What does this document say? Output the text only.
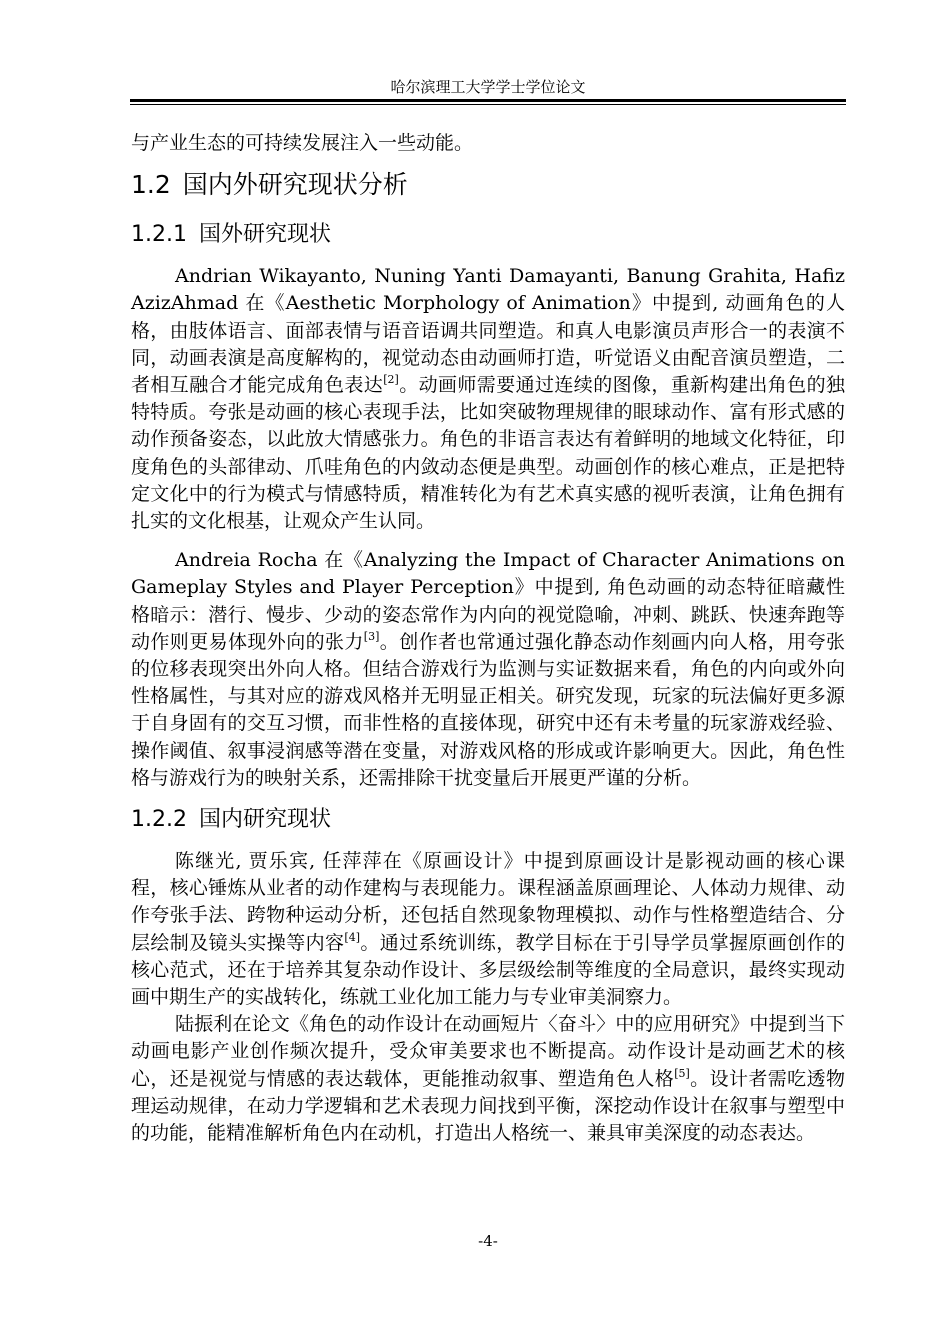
哈尔滨理工大学学士学位论文

与产业生态的可持续发展注入一些动能。

1.2 国内外研究现状分析
1.2.1 国外研究现状

Andrian Wikayanto, Nuning Yanti Damayanti, Banung Grahita, Hafiz AzizAhmad 在《Aesthetic Morphology of Animation》中提到, 动画角色的人格，由肢体语言、面部表情与语音语调共同塑造。和真人电影演员声形合一的表演不同，动画表演是高度解构的，视觉动态由动画师打造，听觉语义由配音演员塑造，二者相互融合才能完成角色表达[2]。动画师需要通过连续的图像，重新构建出角色的独特特质。夸张是动画的核心表现手法，比如突破物理规律的眼球动作、富有形式感的动作预备姿态，以此放大情感张力。角色的非语言表达有着鲜明的地域文化特征，印度角色的头部律动、爪哇角色的内敛动态便是典型。动画创作的核心难点，正是把特定文化中的行为模式与情感特质，精准转化为有艺术真实感的视听表演，让角色拥有扎实的文化根基，让观众产生认同。

Andreia Rocha 在《Analyzing the Impact of Character Animations on Gameplay Styles and Player Perception》中提到, 角色动画的动态特征暗藏性格暗示：潜行、慢步、少动的姿态常作为内向的视觉隐喻，冲刺、跳跃、快速奔跑等动作则更易体现外向的张力[3]。创作者也常通过强化静态动作刻画内向人格，用夸张的位移表现突出外向人格。但结合游戏行为监测与实证数据来看，角色的内向或外向性格属性，与其对应的游戏风格并无明显正相关。研究发现，玩家的玩法偏好更多源于自身固有的交互习惯，而非性格的直接体现，研究中还有未考量的玩家游戏经验、操作阈值、叙事浸润感等潜在变量，对游戏风格的形成或许影响更大。因此，角色性格与游戏行为的映射关系，还需排除干扰变量后开展更严谨的分析。

1.2.2 国内研究现状

陈继光, 贾乐宾, 任萍萍在《原画设计》中提到原画设计是影视动画的核心课程，核心锤炼从业者的动作建构与表现能力。课程涵盖原画理论、人体动力规律、动作夸张手法、跨物种运动分析，还包括自然现象物理模拟、动作与性格塑造结合、分层绘制及镜头实操等内容[4]。通过系统训练，教学目标在于引导学员掌握原画创作的核心范式，还在于培养其复杂动作设计、多层级绘制等维度的全局意识，最终实现动画中期生产的实战转化，练就工业化加工能力与专业审美洞察力。

陆振利在论文《角色的动作设计在动画短片〈奋斗〉中的应用研究》中提到当下动画电影产业创作频次提升，受众审美要求也不断提高。动作设计是动画艺术的核心，还是视觉与情感的表达载体，更能推动叙事、塑造角色人格[5]。设计者需吃透物理运动规律，在动力学逻辑和艺术表现力间找到平衡，深挖动作设计在叙事与塑型中的功能，能精准解析角色内在动机，打造出人格统一、兼具审美深度的动态表达。

-4-
